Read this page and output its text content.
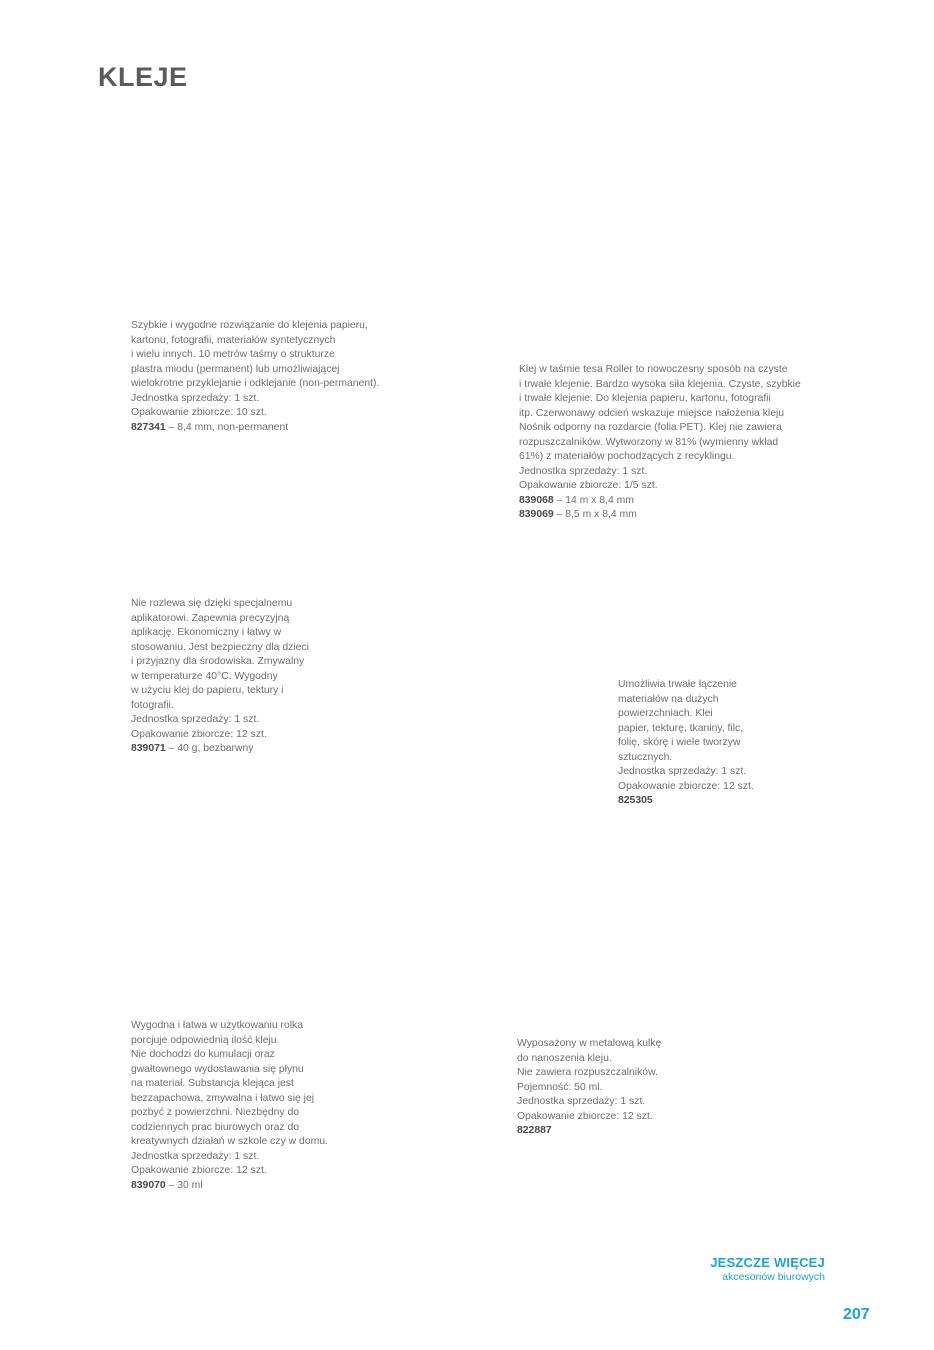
KLEJE
Szybkie i wygodne rozwiązanie do klejenia papieru,
kartonu, fotografii, materiałów syntetycznych
i wielu innych. 10 metrów taśmy o strukturze
plastra miodu (permanent) lub umożliwiającej
wielokrotne przyklejanie i odklejanie (non-permanent).
Jednostka sprzedaży: 1 szt.
Opakowanie zbiorcze: 10 szt.
827341 – 8,4 mm, non-permanent
Klej w taśmie tesa Roller to nowoczesny sposób na czyste
i trwałe klejenie. Bardzo wysoka siła klejenia. Czyste, szybkie
i trwałe klejenie. Do klejenia papieru, kartonu, fotografii
itp. Czerwonawy odcień wskazuje miejsce nałożenia kleju
Nośnik odporny na rozdarcie (folia PET). Klej nie zawiera
rozpuszczalników. Wytworzony w 81% (wymienny wkład
61%) z materiałów pochodzących z recyklingu.
Jednostka sprzedaży: 1 szt.
Opakowanie zbiorcze: 1/5 szt.
839068 – 14 m x 8,4 mm
839069 – 8,5 m x 8,4 mm
Nie rozlewa się dzięki specjalnemu
aplikatorowi. Zapewnia precyzyjną
aplikację. Ekonomiczny i łatwy w
stosowaniu. Jest bezpieczny dla dzieci
i przyjazny dla środowiska. Zmywalny
w temperaturze 40°C. Wygodny
w użyciu klej do papieru, tektury i
fotografii.
Jednostka sprzedaży: 1 szt.
Opakowanie zbiorcze: 12 szt.
839071 – 40 g, bezbarwny
Umożliwia trwałe łączenie
materiałów na dużych
powierzchniach. Klei
papier, tekturę, tkaniny, filc,
folię, skórę i wiele tworzyw
sztucznych.
Jednostka sprzedaży: 1 szt.
Opakowanie zbiorcze: 12 szt.
825305
Wygodna i łatwa w użytkowaniu rolka
porcjuje odpowiednią ilość kleju.
Nie dochodzi do kumulacji oraz
gwałtownego wydostawania się płynu
na materiał. Substancja klejąca jest
bezzapachowa, zmywalna i łatwo się jej
pozbyć z powierzchni. Niezbędny do
codziennych prac biurowych oraz do
kreatywnych działań w szkole czy w domu.
Jednostka sprzedaży: 1 szt.
Opakowanie zbiorcze: 12 szt.
839070 – 30 ml
Wyposażony w metalową kulkę
do nanoszenia kleju.
Nie zawiera rozpuszczalników.
Pojemność: 50 ml.
Jednostka sprzedaży: 1 szt.
Opakowanie zbiorcze: 12 szt.
822887
JESZCZE WIĘCEJ
akcesoriów biurowych
207
